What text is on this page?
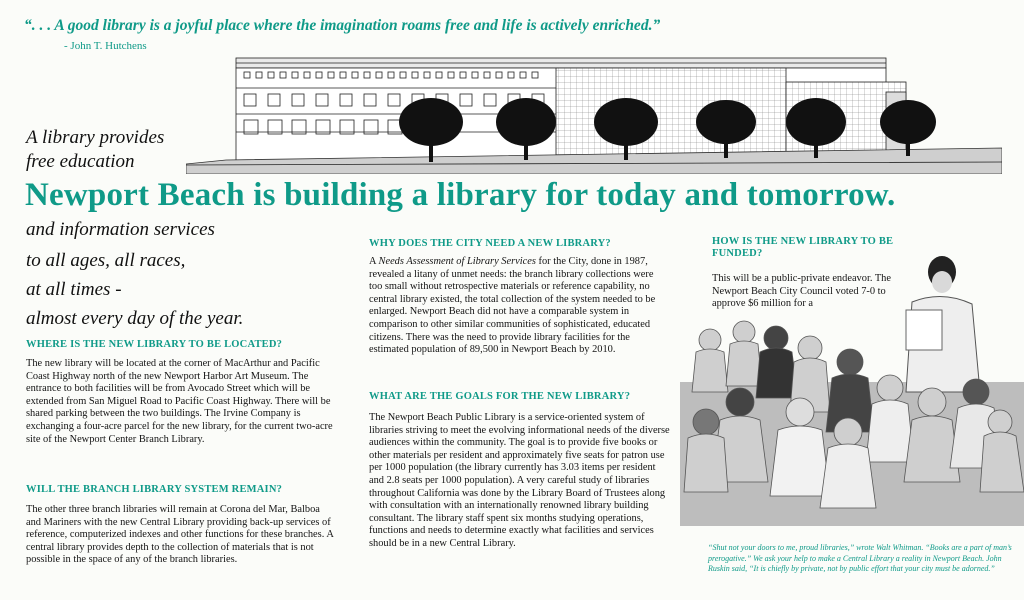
“. . . A good library is a joyful place where the imagination roams free and life is actively enriched.”
- John T. Hutchens
A library provides
free education
Newport Beach is building a library for today and tomorrow.
and information services
to all ages, all races,
at all times -
almost every day of the year.
WHERE IS THE NEW LIBRARY TO BE LOCATED?
The new library will be located at the corner of MacArthur and Pacific Coast Highway north of the new Newport Harbor Art Museum. The entrance to both facilities will be from Avocado Street which will be extended from San Miguel Road to Pacific Coast Highway. There will be shared parking between the two buildings. The Irvine Company is exchanging a four-acre parcel for the new library, for the current two-acre site of the Newport Center Branch Library.
WILL THE BRANCH LIBRARY SYSTEM REMAIN?
The other three branch libraries will remain at Corona del Mar, Balboa and Mariners with the new Central Library providing back-up services of reference, computerized indexes and other functions for these branches. A central library provides depth to the collection of materials that is not possible in the space of any of the branch libraries.
WHY DOES THE CITY NEED A NEW LIBRARY?
A Needs Assessment of Library Services for the City, done in 1987, revealed a litany of unmet needs: the branch library collections were too small without retrospective materials or reference capability, no central library existed, the total collection of the system needed to be enlarged. Newport Beach did not have a comparable system in comparison to other similar communities of sophisticated, educated citizens. There was the need to provide library facilities for the estimated population of 89,500 in Newport Beach by 2010.
WHAT ARE THE GOALS FOR THE NEW LIBRARY?
The Newport Beach Public Library is a service-oriented system of libraries striving to meet the evolving informational needs of the diverse audiences within the community. The goal is to provide five books or other materials per resident and approximately five seats for patron use per 1000 population (the library currently has 3.03 items per resident and 2.8 seats per 1000 population). A very careful study of libraries throughout California was done by the Library Board of Trustees along with consultation with an internationally renowned library building consultant. The library staff spent six months studying operations, functions and needs to determine exactly what facilities and services should be in a new Central Library.
HOW IS THE NEW LIBRARY TO BE FUNDED?
This will be a public-private endeavor. The Newport Beach City Council voted 7-0 to approve $6 million for a
“Shut not your doors to me, proud libraries,” wrote Walt Whitman. “Books are a part of man’s prerogative.” We ask your help to make a Central Library a reality in Newport Beach. John Ruskin said, “It is chiefly by private, not by public effort that your city must be adorned.”
